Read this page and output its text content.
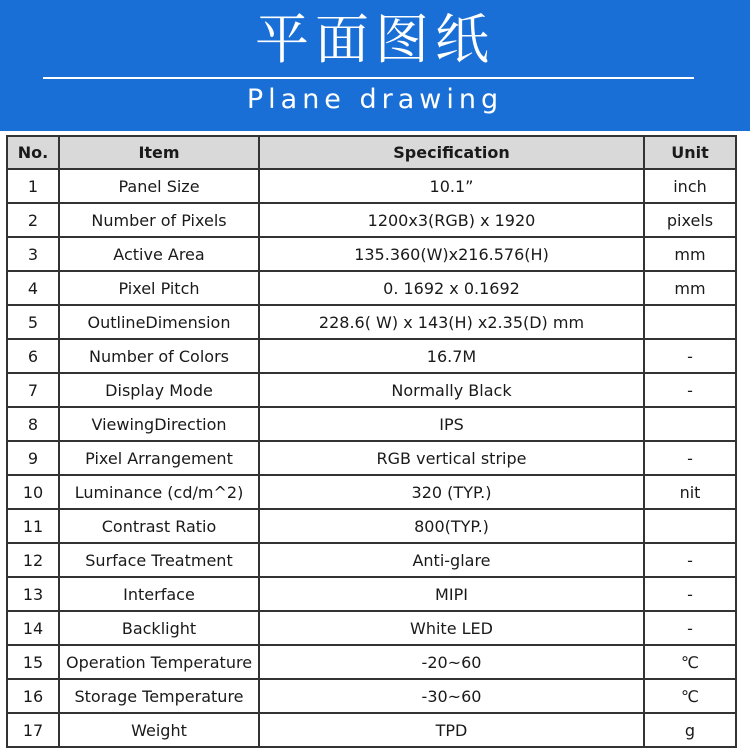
平面图纸
Plane drawing
No.	Item	Specification	Unit
1	Panel Size	10.1”	inch
2	Number of Pixels	1200x3(RGB) x 1920	pixels
3	Active Area	135.360(W)x216.576(H)	mm
4	Pixel Pitch	0. 1692 x 0.1692	mm
5	OutlineDimension	228.6( W) x 143(H) x2.35(D) mm	
6	Number of Colors	16.7M	-
7	Display Mode	Normally Black	-
8	ViewingDirection	IPS	
9	Pixel Arrangement	RGB vertical stripe	-
10	Luminance (cd/m^2)	320 (TYP.)	nit
11	Contrast Ratio	800(TYP.)	
12	Surface Treatment	Anti-glare	-
13	Interface	MIPI	-
14	Backlight	White LED	-
15	Operation Temperature	-20~60	℃
16	Storage Temperature	-30~60	℃
17	Weight	TPD	g
